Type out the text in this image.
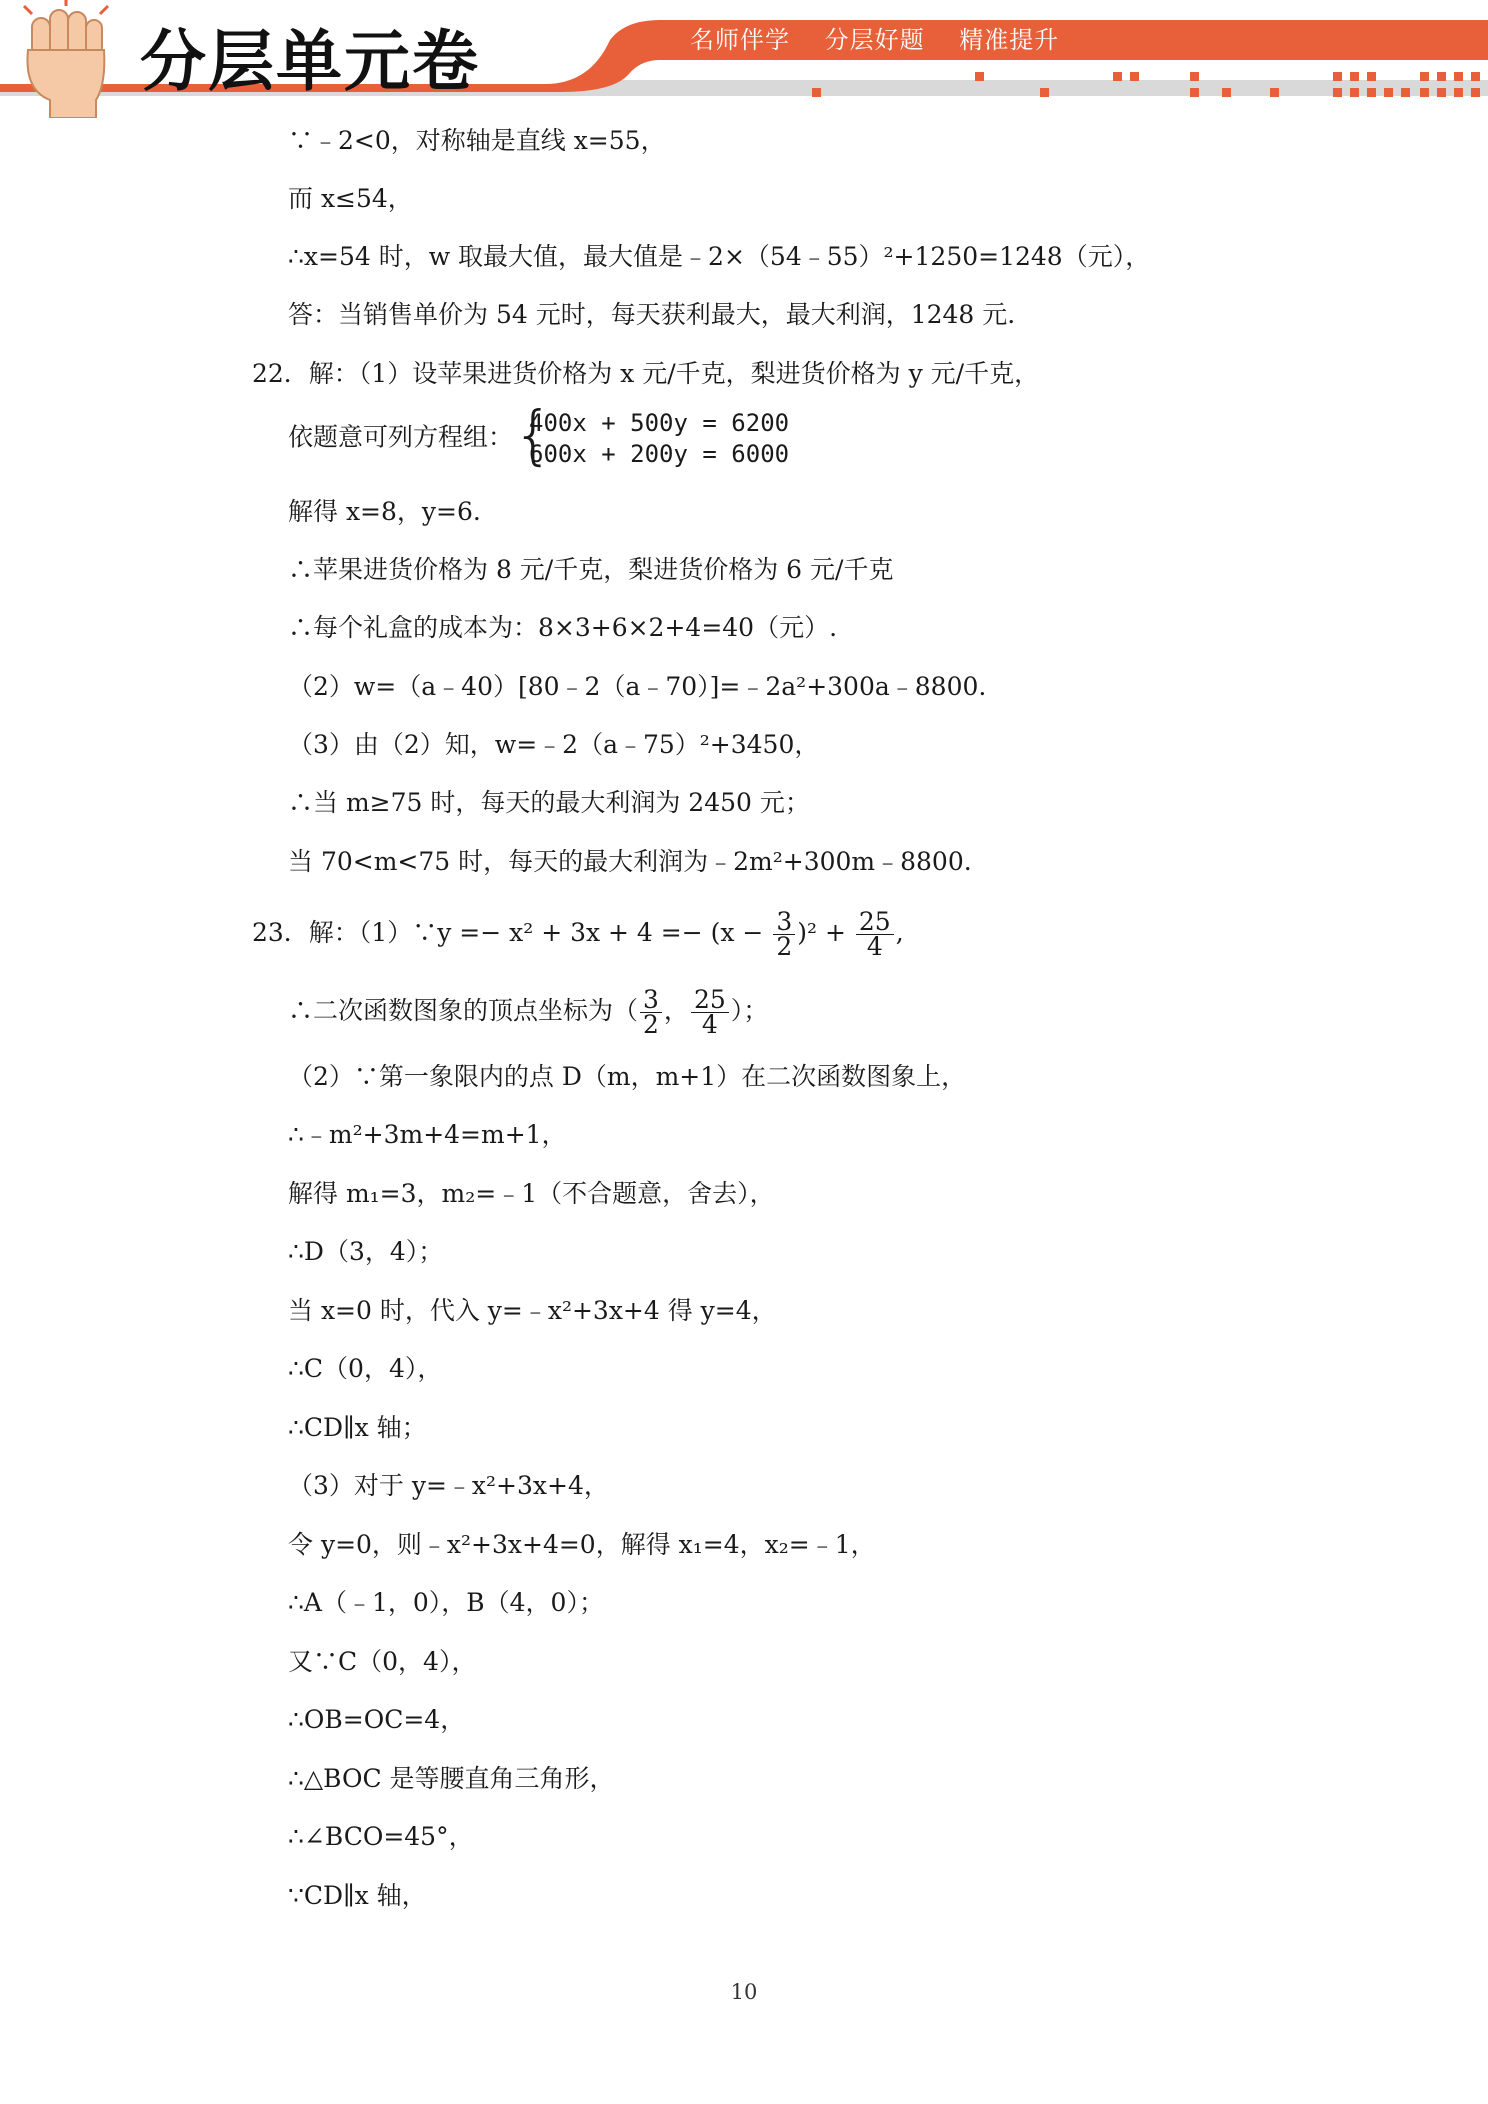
分层单元卷	名师伴学 分层好题 精准提升
∵﹣2<0，对称轴是直线 x=55，
而 x≤54，
∴x=54 时，w 取最大值，最大值是﹣2×（54﹣55）²+1250=1248（元），
答：当销售单价为 54 元时，每天获利最大，最大利润，1248 元.
22．解：（1）设苹果进货价格为 x 元/千克，梨进货价格为 y 元/千克，
依题意可列方程组： {
400x + 500y = 6200
600x + 200y = 6000
解得 x=8，y=6.
∴苹果进货价格为 8 元/千克，梨进货价格为 6 元/千克
∴每个礼盒的成本为：8×3+6×2+4=40（元）.
（2）w=（a﹣40）[80﹣2（a﹣70）]=﹣2a²+300a﹣8800.
（3）由（2）知，w=﹣2（a﹣75）²+3450，
∴当 m≥75 时，每天的最大利润为 2450 元；
当 70<m<75 时，每天的最大利润为﹣2m²+300m﹣8800.
23．解：（1）∵y =− $x^2 + 3x + 4 =- (x - \frac{3}{2} )^2 + \frac{25}{4}$ ,
∴二次函数图象的顶点坐标为（ $\frac{3}{2}$ ， $\frac{25}{4}$ ）；
（2）∵第一象限内的点 D（m，m+1）在二次函数图象上，
∴﹣m²+3m+4=m+1，
解得 m₁=3，m₂=﹣1（不合题意，舍去），
∴D（3，4）；
当 x=0 时，代入 y=﹣x²+3x+4 得 y=4，
∴C（0，4），
∴CD∥x 轴；
（3）对于 y=﹣x²+3x+4，
令 y=0，则﹣x²+3x+4=0，解得 x₁=4，x₂=﹣1，
∴A（﹣1，0），B（4，0）；
又∵C（0，4），
∴OB=OC=4，
∴△BOC 是等腰直角三角形，
∴∠BCO=45°，
∵CD∥x 轴，
10
